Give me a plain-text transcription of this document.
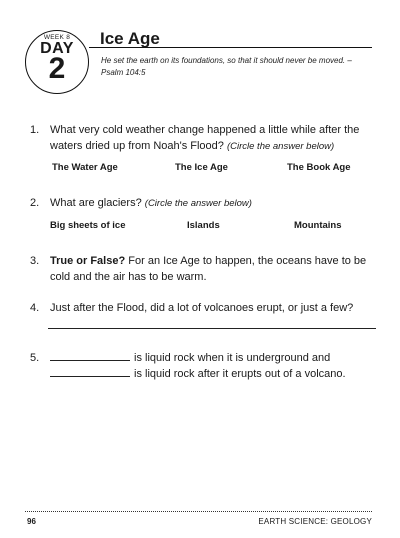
WEEK 8
DAY
2
Ice Age
He set the earth on its foundations, so that it should never be moved. – Psalm 104:5
1. What very cold weather change happened a little while after the
waters dried up from Noah's Flood? (Circle the answer below)
The Water Age	The Ice Age	The Book Age
2. What are glaciers? (Circle the answer below)
Big sheets of ice	Islands	Mountains
3. True or False? For an Ice Age to happen, the oceans have to be
cold and the air has to be warm.
4. Just after the Flood, did a lot of volcanoes erupt, or just a few?
5.	is liquid rock when it is underground and
is liquid rock after it erupts out of a volcano.
96	EARTH SCIENCE: GEOLOGY
